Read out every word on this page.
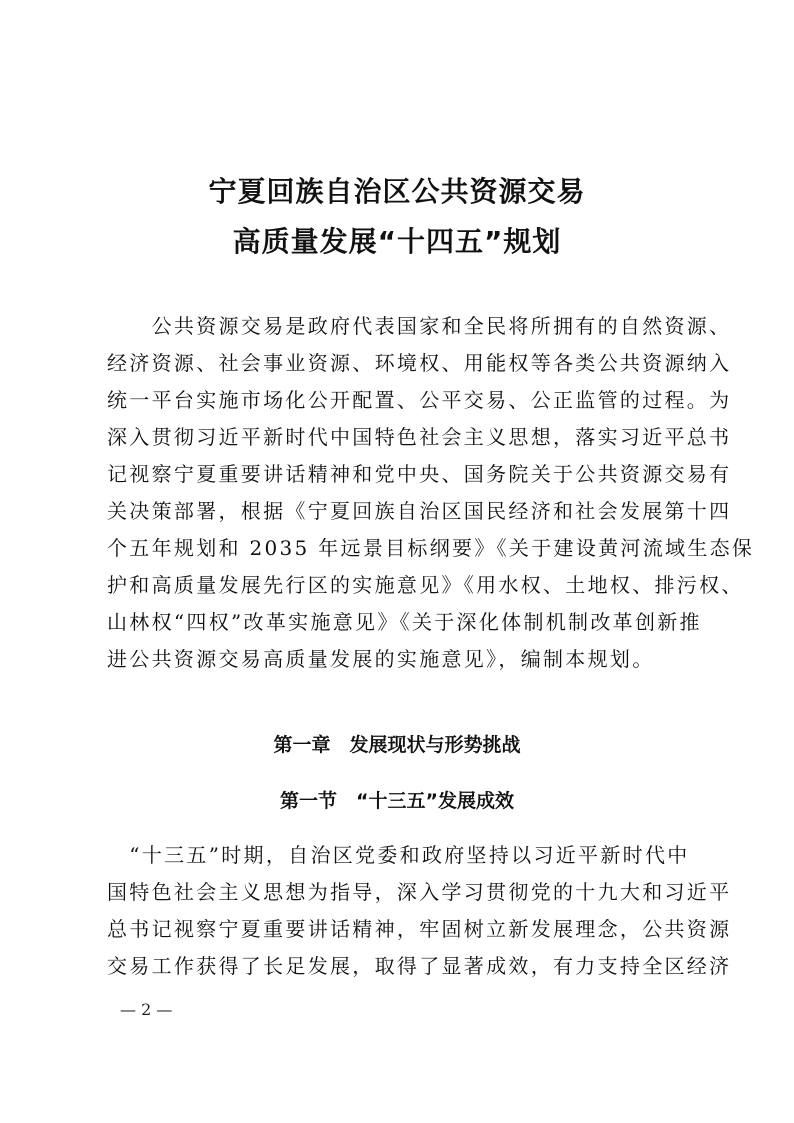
宁夏回族自治区公共资源交易
高质量发展“十四五”规划

　　公共资源交易是政府代表国家和全民将所拥有的自然资源、

经济资源、社会事业资源、环境权、用能权等各类公共资源纳入

统一平台实施市场化公开配置、公平交易、公正监管的过程。为

深入贯彻习近平新时代中国特色社会主义思想，落实习近平总书

记视察宁夏重要讲话精神和党中央、国务院关于公共资源交易有

关决策部署，根据《宁夏回族自治区国民经济和社会发展第十四

个五年规划和 2035 年远景目标纲要》《关于建设黄河流域生态保

护和高质量发展先行区的实施意见》《用水权、土地权、排污权、

山林权“四权”改革实施意见》《关于深化体制机制改革创新推

进公共资源交易高质量发展的实施意见》，编制本规划。

第一章　发展现状与形势挑战
第一节　“十三五”发展成效

　“十三五”时期，自治区党委和政府坚持以习近平新时代中

国特色社会主义思想为指导，深入学习贯彻党的十九大和习近平

总书记视察宁夏重要讲话精神，牢固树立新发展理念，公共资源

交易工作获得了长足发展，取得了显著成效，有力支持全区经济

— 2 —
